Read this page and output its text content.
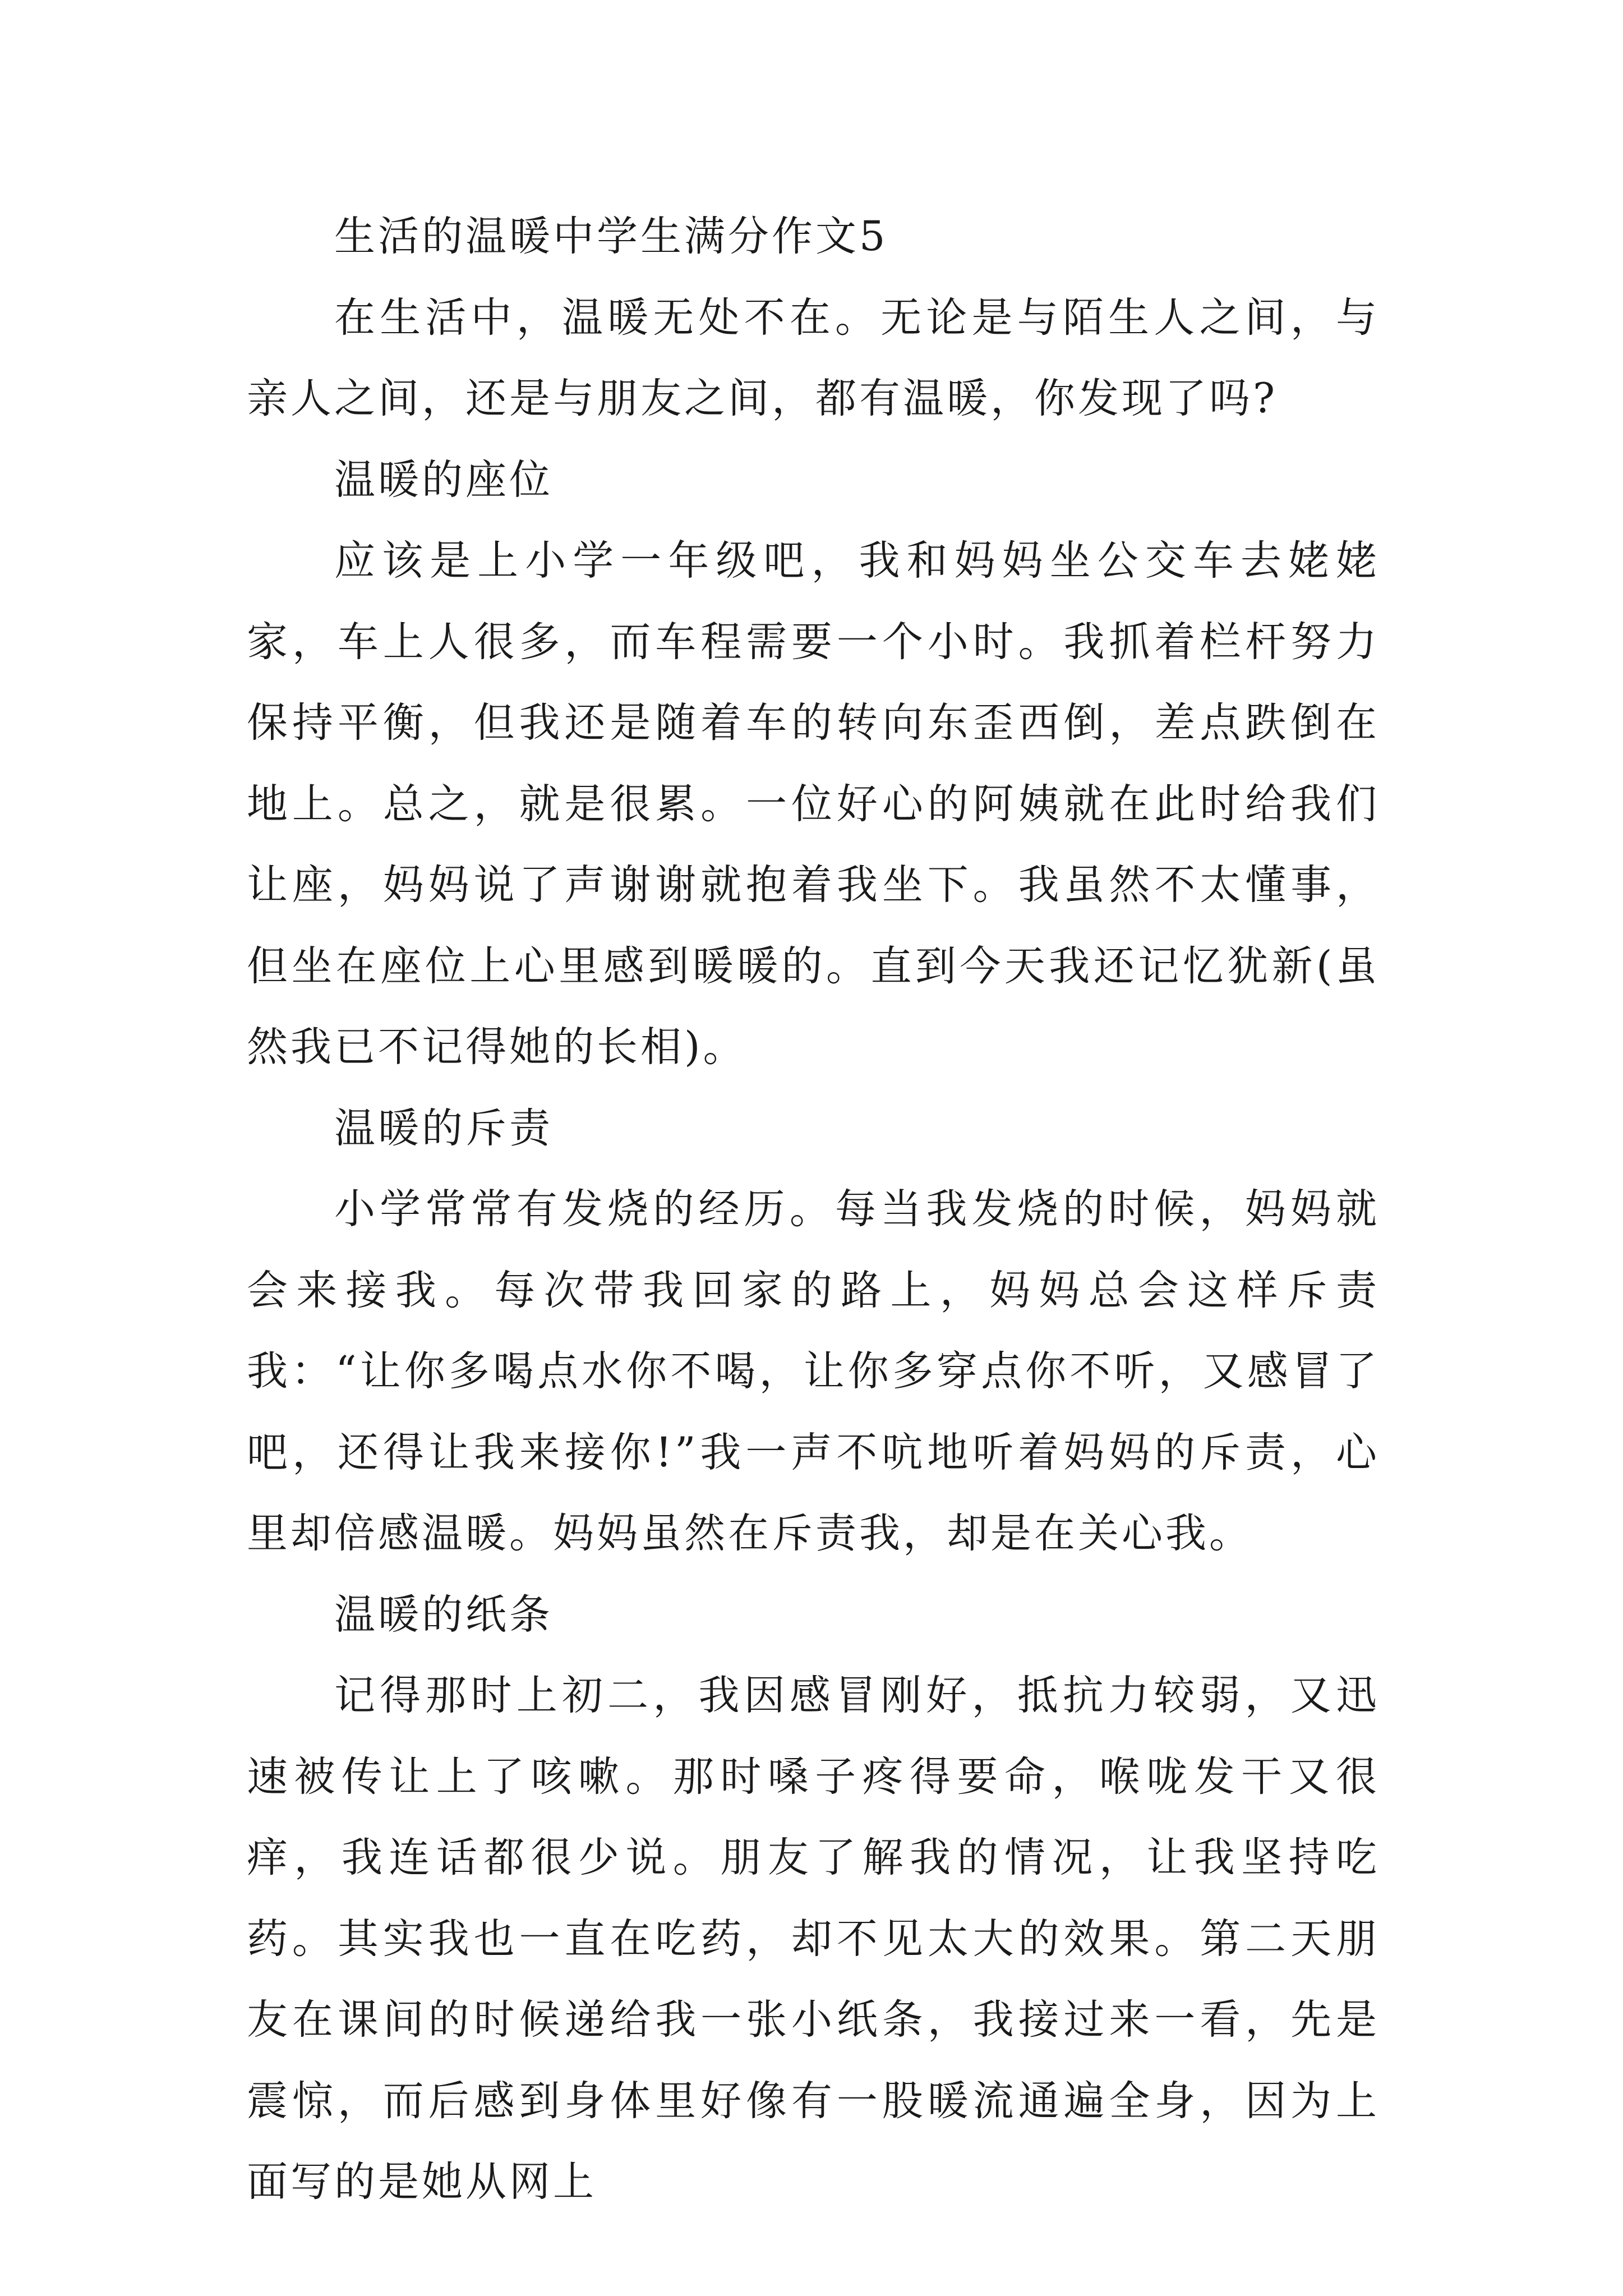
生活的温暖中学生满分作文5

在生活中，温暖无处不在。无论是与陌生人之间，与亲人之间，还是与朋友之间，都有温暖，你发现了吗?

温暖的座位

应该是上小学一年级吧，我和妈妈坐公交车去姥姥家，车上人很多，而车程需要一个小时。我抓着栏杆努力保持平衡，但我还是随着车的转向东歪西倒，差点跌倒在地上。总之，就是很累。一位好心的阿姨就在此时给我们让座，妈妈说了声谢谢就抱着我坐下。我虽然不太懂事，但坐在座位上心里感到暖暖的。直到今天我还记忆犹新(虽然我已不记得她的长相)。

温暖的斥责

小学常常有发烧的经历。每当我发烧的时候，妈妈就会来接我。每次带我回家的路上，妈妈总会这样斥责我：“让你多喝点水你不喝，让你多穿点你不听，又感冒了吧，还得让我来接你!”我一声不吭地听着妈妈的斥责，心里却倍感温暖。妈妈虽然在斥责我，却是在关心我。

温暖的纸条

记得那时上初二，我因感冒刚好，抵抗力较弱，又迅速被传让上了咳嗽。那时嗓子疼得要命，喉咙发干又很痒，我连话都很少说。朋友了解我的情况，让我坚持吃药。其实我也一直在吃药，却不见太大的效果。第二天朋友在课间的时候递给我一张小纸条，我接过来一看，先是震惊，而后感到身体里好像有一股暖流通遍全身，因为上面写的是她从网上
